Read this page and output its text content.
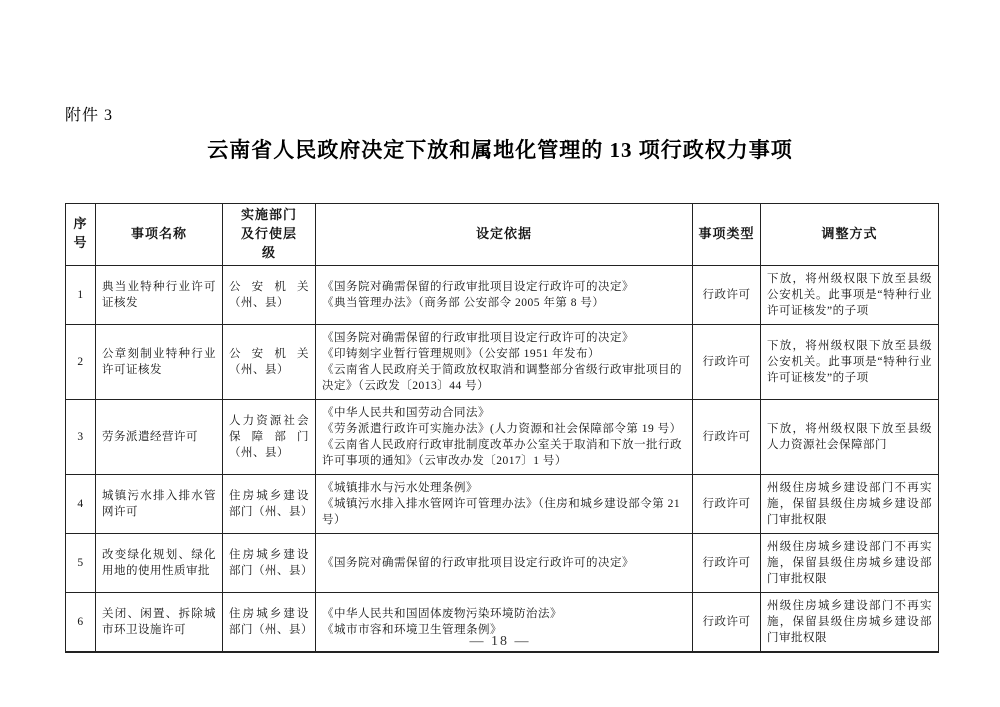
附件 3
云南省人民政府决定下放和属地化管理的 13 项行政权力事项
序号	事项名称	实施部门及行使层级	设定依据	事项类型	调整方式
1	典当业特种行业许可证核发	公安机关（州、县）	《国务院对确需保留的行政审批项目设定行政许可的决定》
《典当管理办法》（商务部 公安部令 2005 年第 8 号）	行政许可	下放，将州级权限下放至县级公安机关。此事项是“特种行业许可证核发”的子项
2	公章刻制业特种行业许可证核发	公安机关（州、县）	《国务院对确需保留的行政审批项目设定行政许可的决定》
《印铸刻字业暂行管理规则》（公安部 1951 年发布）
《云南省人民政府关于简政放权取消和调整部分省级行政审批项目的决定》（云政发〔2013〕44 号）	行政许可	下放，将州级权限下放至县级公安机关。此事项是“特种行业许可证核发”的子项
3	劳务派遣经营许可	人力资源社会保障部门（州、县）	《中华人民共和国劳动合同法》
《劳务派遣行政许可实施办法》(人力资源和社会保障部令第 19 号）
《云南省人民政府行政审批制度改革办公室关于取消和下放一批行政许可事项的通知》（云审改办发〔2017〕1 号）	行政许可	下放，将州级权限下放至县级人力资源社会保障部门
4	城镇污水排入排水管网许可	住房城乡建设部门（州、县）	《城镇排水与污水处理条例》
《城镇污水排入排水管网许可管理办法》（住房和城乡建设部令第 21 号）	行政许可	州级住房城乡建设部门不再实施，保留县级住房城乡建设部门审批权限
5	改变绿化规划、绿化用地的使用性质审批	住房城乡建设部门（州、县）	《国务院对确需保留的行政审批项目设定行政许可的决定》	行政许可	州级住房城乡建设部门不再实施，保留县级住房城乡建设部门审批权限
6	关闭、闲置、拆除城市环卫设施许可	住房城乡建设部门（州、县）	《中华人民共和国固体废物污染环境防治法》
《城市市容和环境卫生管理条例》	行政许可	州级住房城乡建设部门不再实施，保留县级住房城乡建设部门审批权限
— 18 —
